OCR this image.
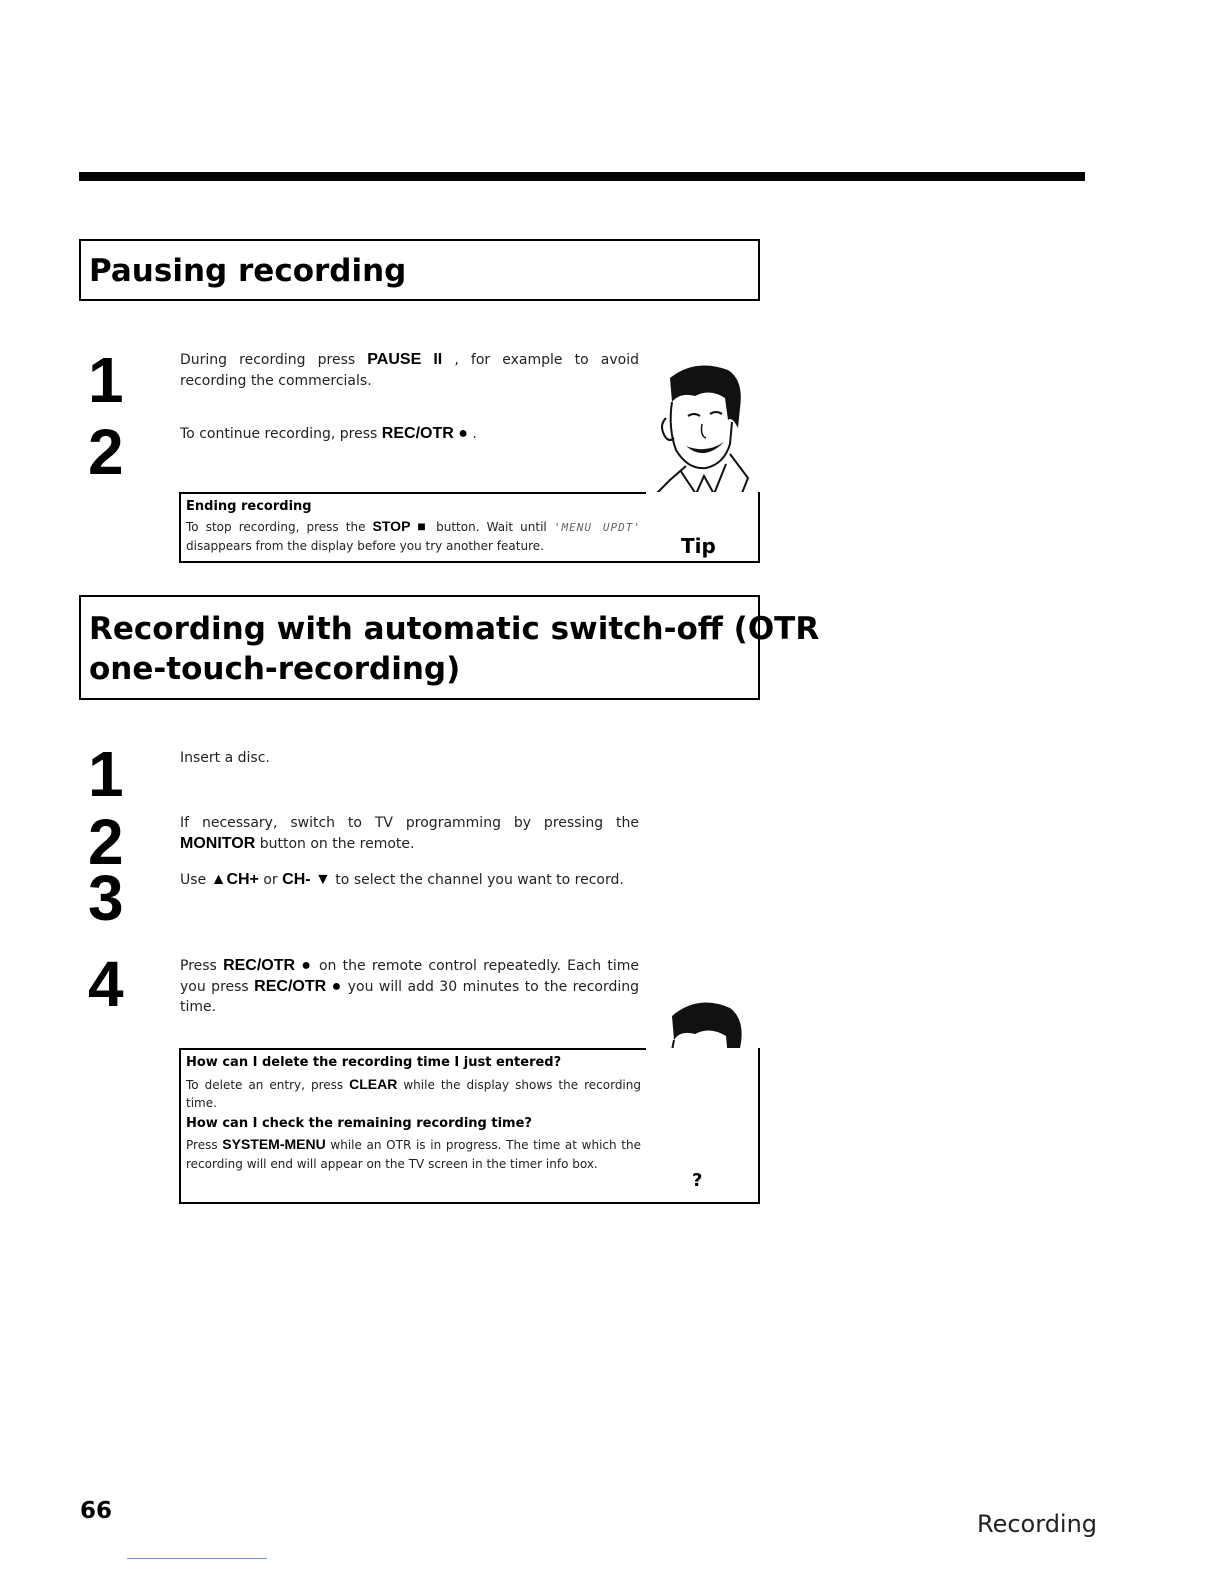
Pausing recording
1	During recording press PAUSE II , for example to avoid recording the commercials.
2	To continue recording, press REC/OTR ● .
Ending recording
To stop recording, press the STOP ■ button. Wait until 'MENU UPDT' disappears from the display before you try another feature.	Tip
Recording with automatic switch-off (OTR
one-touch-recording)
1	Insert a disc.
2	If necessary, switch to TV programming by pressing the MONITOR button on the remote.
3	Use ▲CH+ or CH- ▼ to select the channel you want to record.
4	Press REC/OTR ● on the remote control repeatedly. Each time you press REC/OTR ● you will add 30 minutes to the recording time.
How can I delete the recording time I just entered?
To delete an entry, press CLEAR while the display shows the recording time.
How can I check the remaining recording time?
Press SYSTEM-MENU while an OTR is in progress. The time at which the recording will end will appear on the TV screen in the timer info box.
?
66	Recording
